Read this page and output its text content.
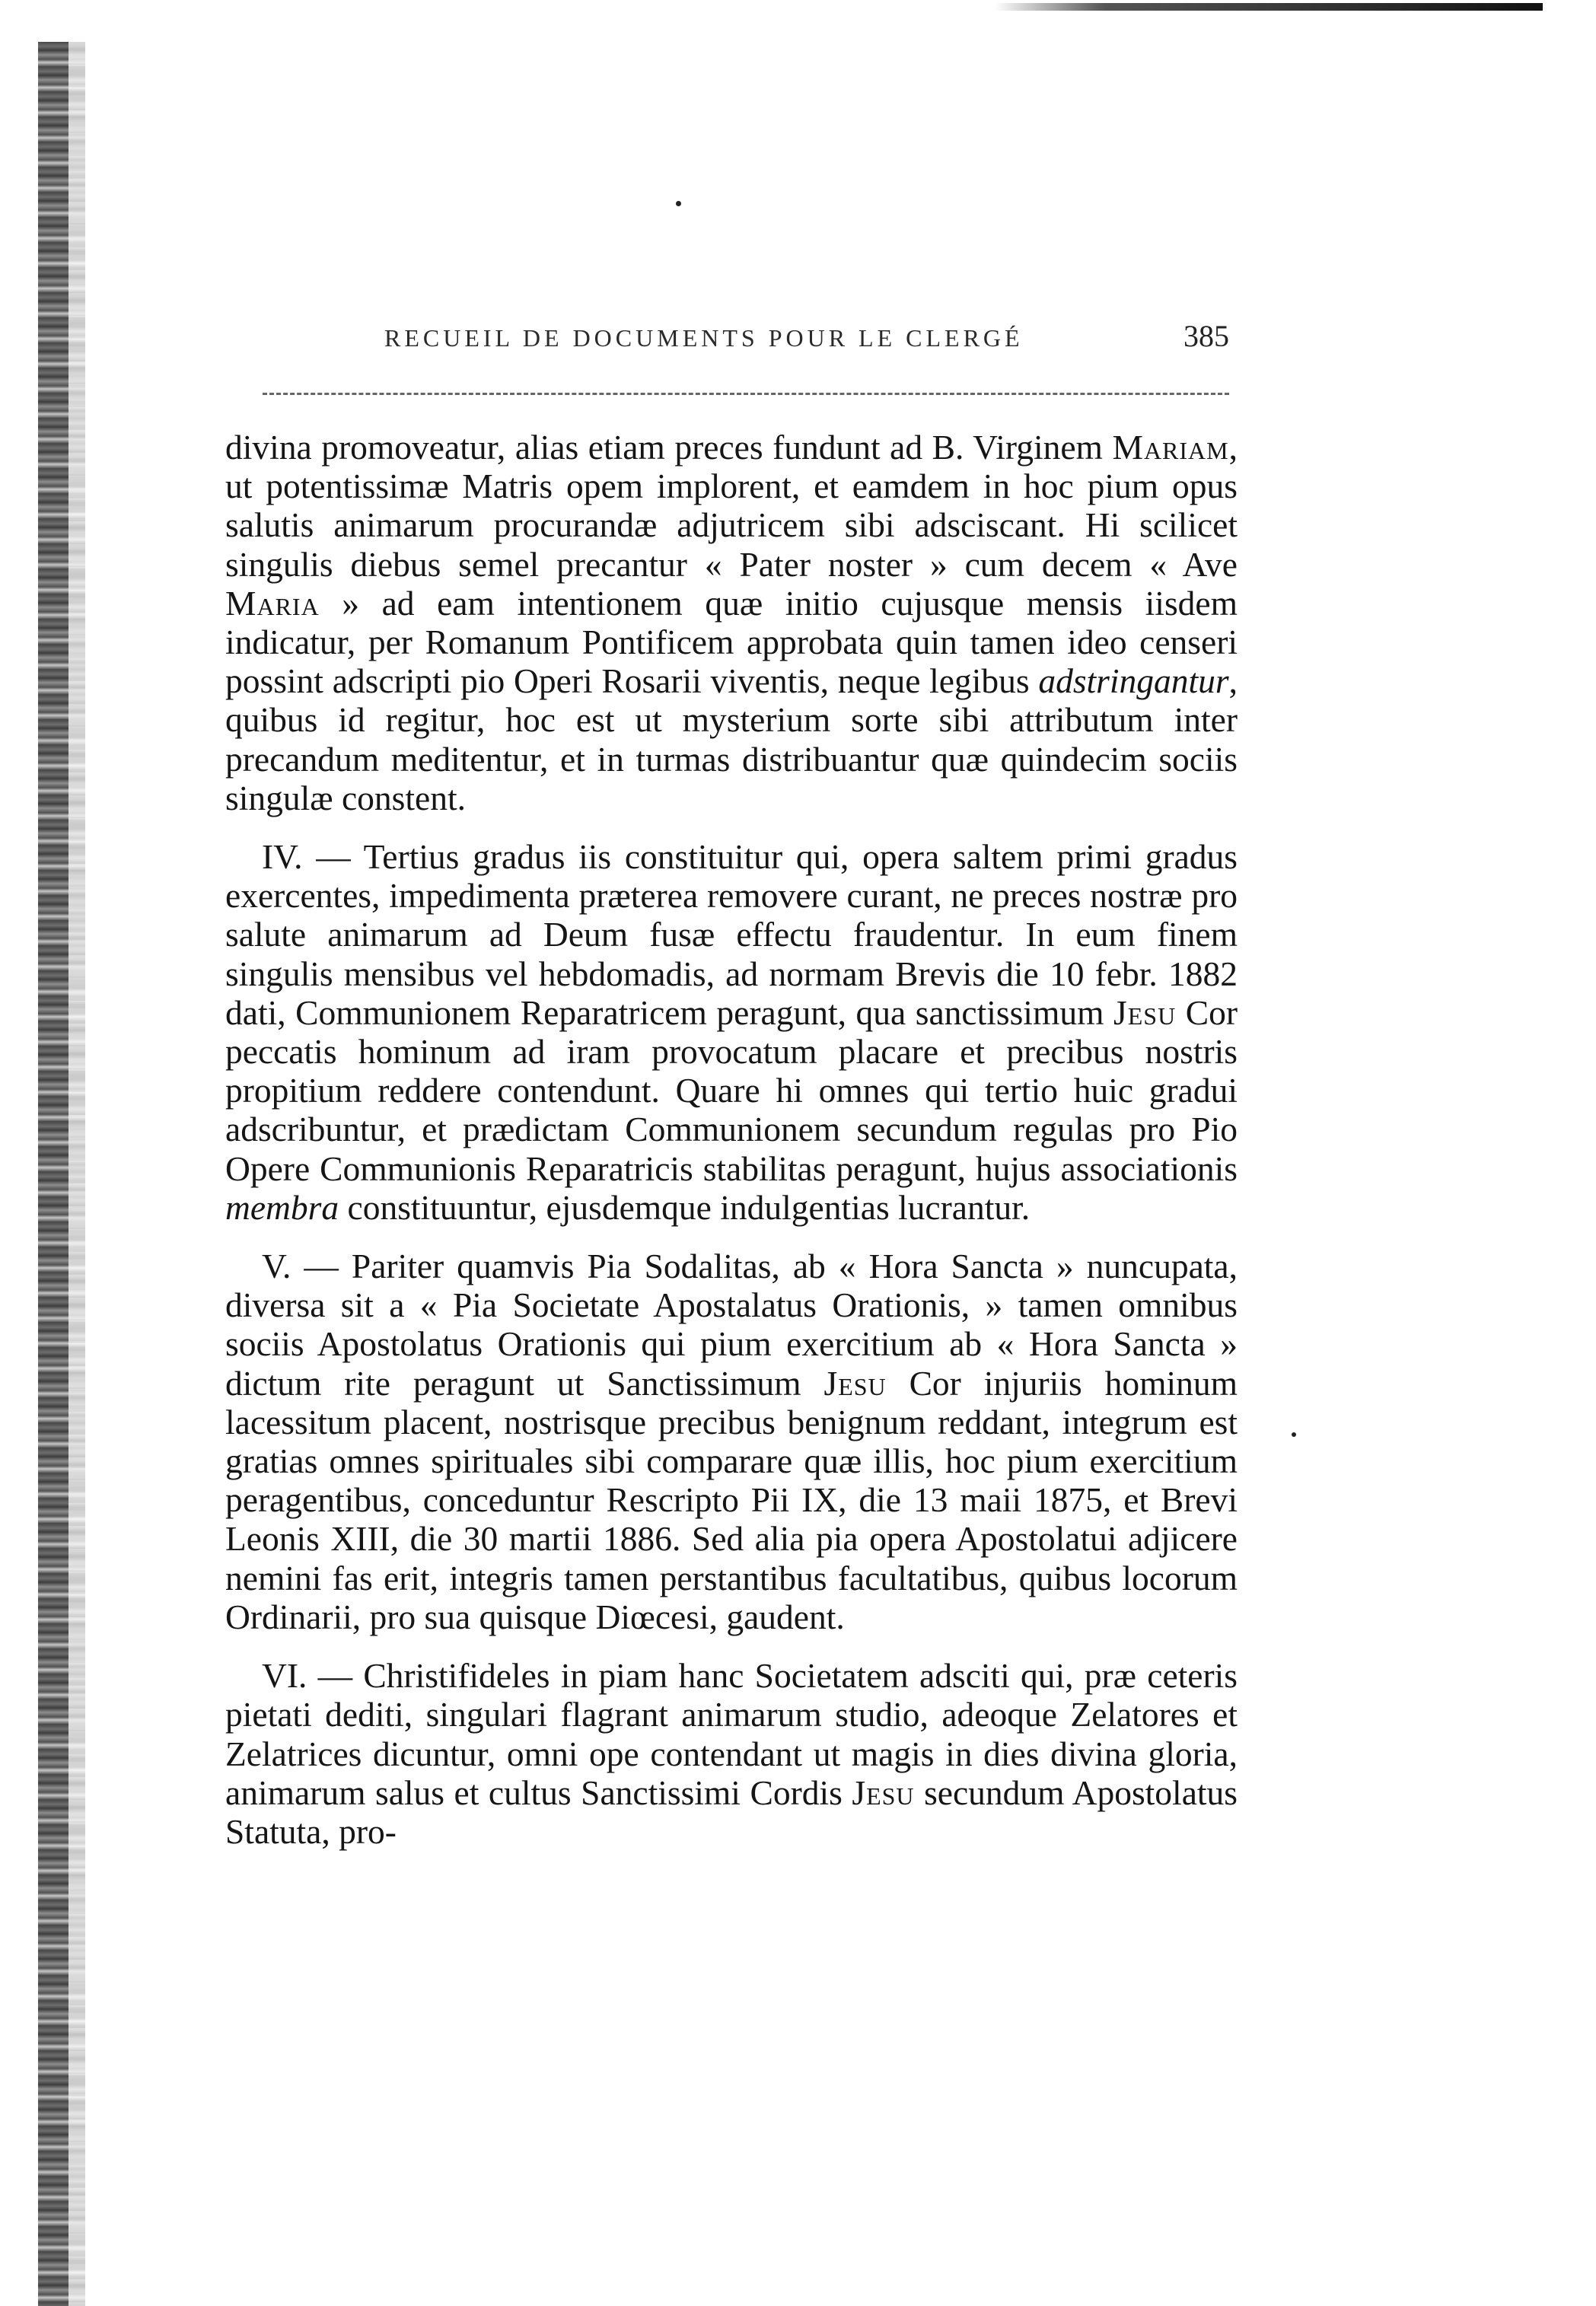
RECUEIL DE DOCUMENTS POUR LE CLERGÉ	385

divina promoveatur, alias etiam preces fundunt ad B. Virginem Mariam, ut potentissimæ Matris opem implorent, et eamdem in hoc pium opus salutis animarum procurandæ adjutricem sibi adsciscant. Hi scilicet singulis diebus semel precantur « Pater noster » cum decem « Ave Maria » ad eam intentionem quæ initio cujusque mensis iisdem indicatur, per Romanum Pontificem approbata quin tamen ideo censeri possint adscripti pio Operi Rosarii viventis, neque legibus adstringantur, quibus id regitur, hoc est ut mysterium sorte sibi attributum inter precandum meditentur, et in turmas distribuantur quæ quindecim sociis singulæ constent.

IV. — Tertius gradus iis constituitur qui, opera saltem primi gradus exercentes, impedimenta præterea removere curant, ne preces nostræ pro salute animarum ad Deum fusæ effectu fraudentur. In eum finem singulis mensibus vel hebdomadis, ad normam Brevis die 10 febr. 1882 dati, Communionem Reparatricem peragunt, qua sanctissimum Jesu Cor peccatis hominum ad iram provocatum placare et precibus nostris propitium reddere contendunt. Quare hi omnes qui tertio huic gradui adscribuntur, et prædictam Communionem secundum regulas pro Pio Opere Communionis Reparatricis stabilitas peragunt, hujus associationis membra constituuntur, ejusdemque indulgentias lucrantur.

V. — Pariter quamvis Pia Sodalitas, ab « Hora Sancta » nuncupata, diversa sit a « Pia Societate Apostalatus Orationis, » tamen omnibus sociis Apostolatus Orationis qui pium exercitium ab « Hora Sancta » dictum rite peragunt ut Sanctissimum Jesu Cor injuriis hominum lacessitum placent, nostrisque precibus benignum reddant, integrum est gratias omnes spirituales sibi comparare quæ illis, hoc pium exercitium peragentibus, conceduntur Rescripto Pii IX, die 13 maii 1875, et Brevi Leonis XIII, die 30 martii 1886. Sed alia pia opera Apostolatui adjicere nemini fas erit, integris tamen perstantibus facultatibus, quibus locorum Ordinarii, pro sua quisque Diœcesi, gaudent.

VI. — Christifideles in piam hanc Societatem adsciti qui, præ ceteris pietati dediti, singulari flagrant animarum studio, adeoque Zelatores et Zelatrices dicuntur, omni ope contendant ut magis in dies divina gloria, animarum salus et cultus Sanctissimi Cordis Jesu secundum Apostolatus Statuta, pro-
